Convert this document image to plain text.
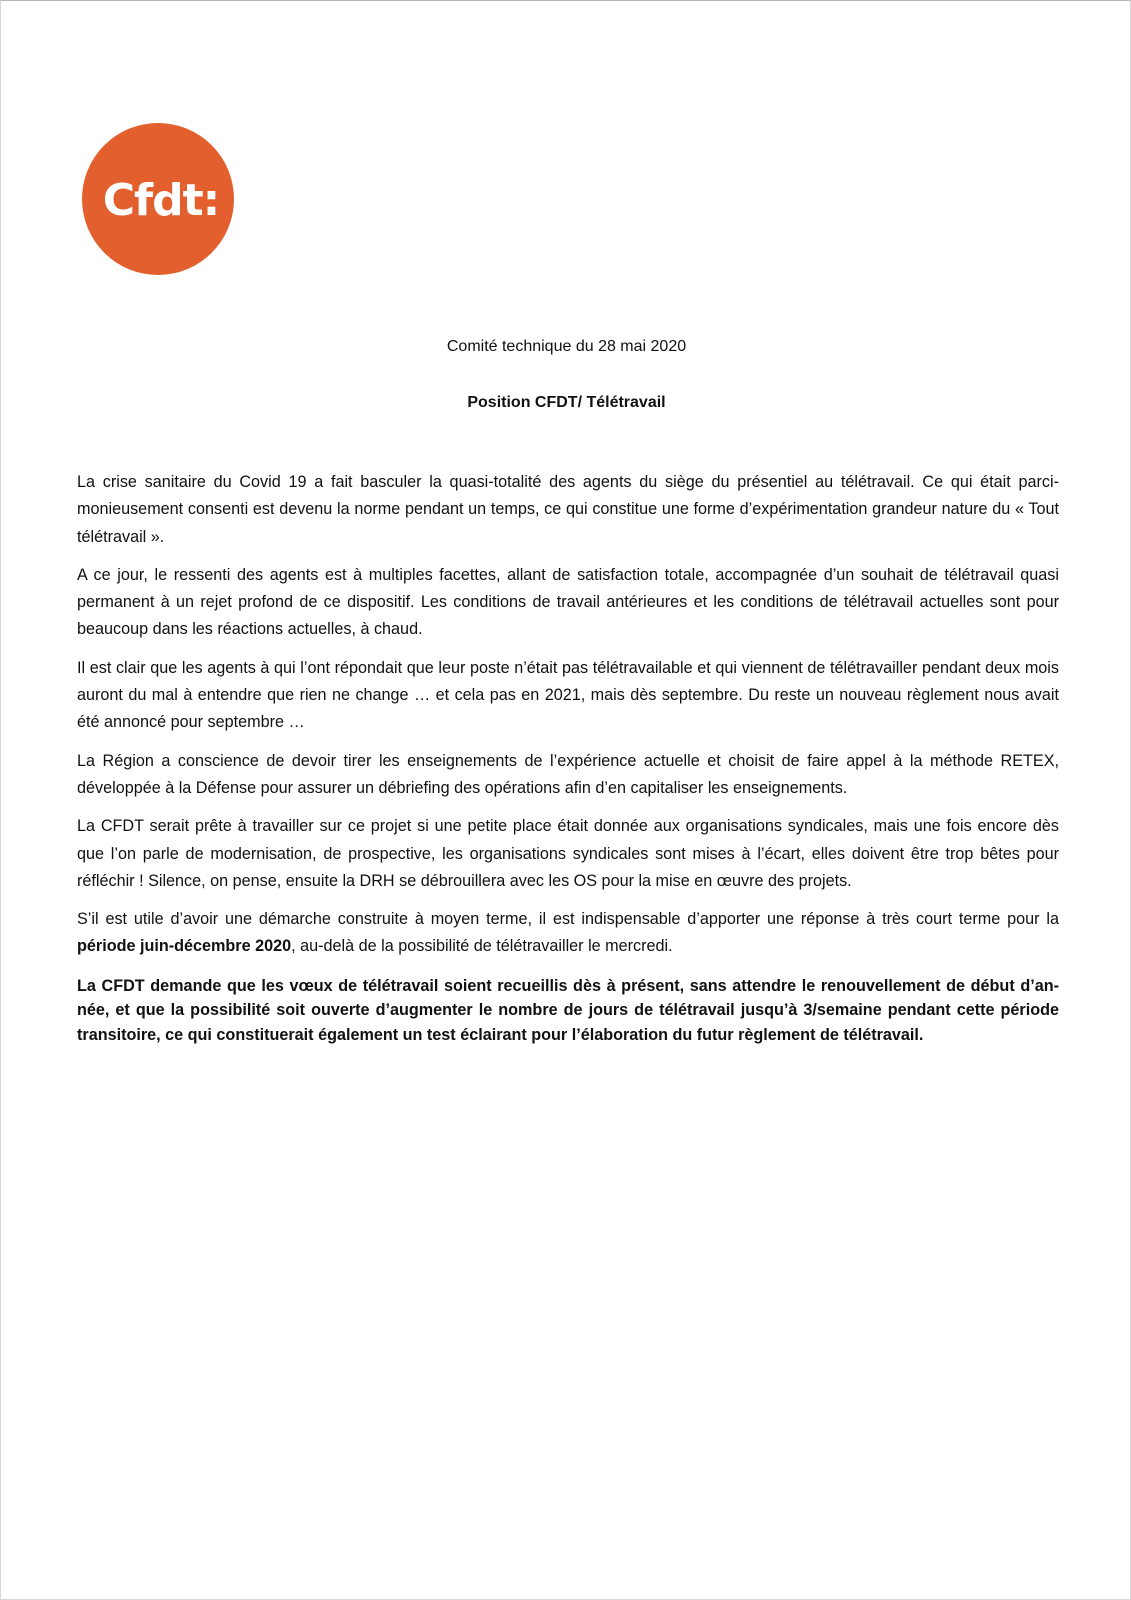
Cfdt:
Comité technique du 28 mai 2020
Position CFDT/ Télétravail

La crise sanitaire du Covid 19 a fait basculer la quasi-totalité des agents du siège du présentiel au télétravail. Ce qui était parcimonieusement consenti est devenu la norme pendant un temps, ce qui constitue une forme d’expérimentation grandeur nature du « Tout télétravail ».

A ce jour, le ressenti des agents est à multiples facettes, allant de satisfaction totale, accompagnée d’un souhait de télétravail quasi permanent à un rejet profond de ce dispositif. Les conditions de travail antérieures et les conditions de télétravail actuelles sont pour beaucoup dans les réactions actuelles, à chaud.

Il est clair que les agents à qui l’ont répondait que leur poste n’était pas télétravailable et qui viennent de télétravailler pendant deux mois auront du mal à entendre que rien ne change … et cela pas en 2021, mais dès septembre. Du reste un nouveau règlement nous avait été annoncé pour septembre …

La Région a conscience de devoir tirer les enseignements de l’expérience actuelle et choisit de faire appel à la méthode RETEX, développée à la Défense pour assurer un débriefing des opérations afin d’en capitaliser les enseignements.

La CFDT serait prête à travailler sur ce projet si une petite place était donnée aux organisations syndicales, mais une fois encore dès que l’on parle de modernisation, de prospective, les organisations syndicales sont mises à l’écart, elles doivent être trop bêtes pour réfléchir ! Silence, on pense, ensuite la DRH se débrouillera avec les OS pour la mise en œuvre des projets.

S’il est utile d’avoir une démarche construite à moyen terme, il est indispensable d’apporter une réponse à très court terme pour la période juin-décembre 2020, au-delà de la possibilité de télétravailler le mercredi.

La CFDT demande que les vœux de télétravail soient recueillis dès à présent, sans attendre le renouvellement de début d’année, et que la possibilité soit ouverte d’augmenter le nombre de jours de télétravail jusqu’à 3/semaine pendant cette période transitoire, ce qui constituerait également un test éclairant pour l’élaboration du futur règlement de télétravail.
